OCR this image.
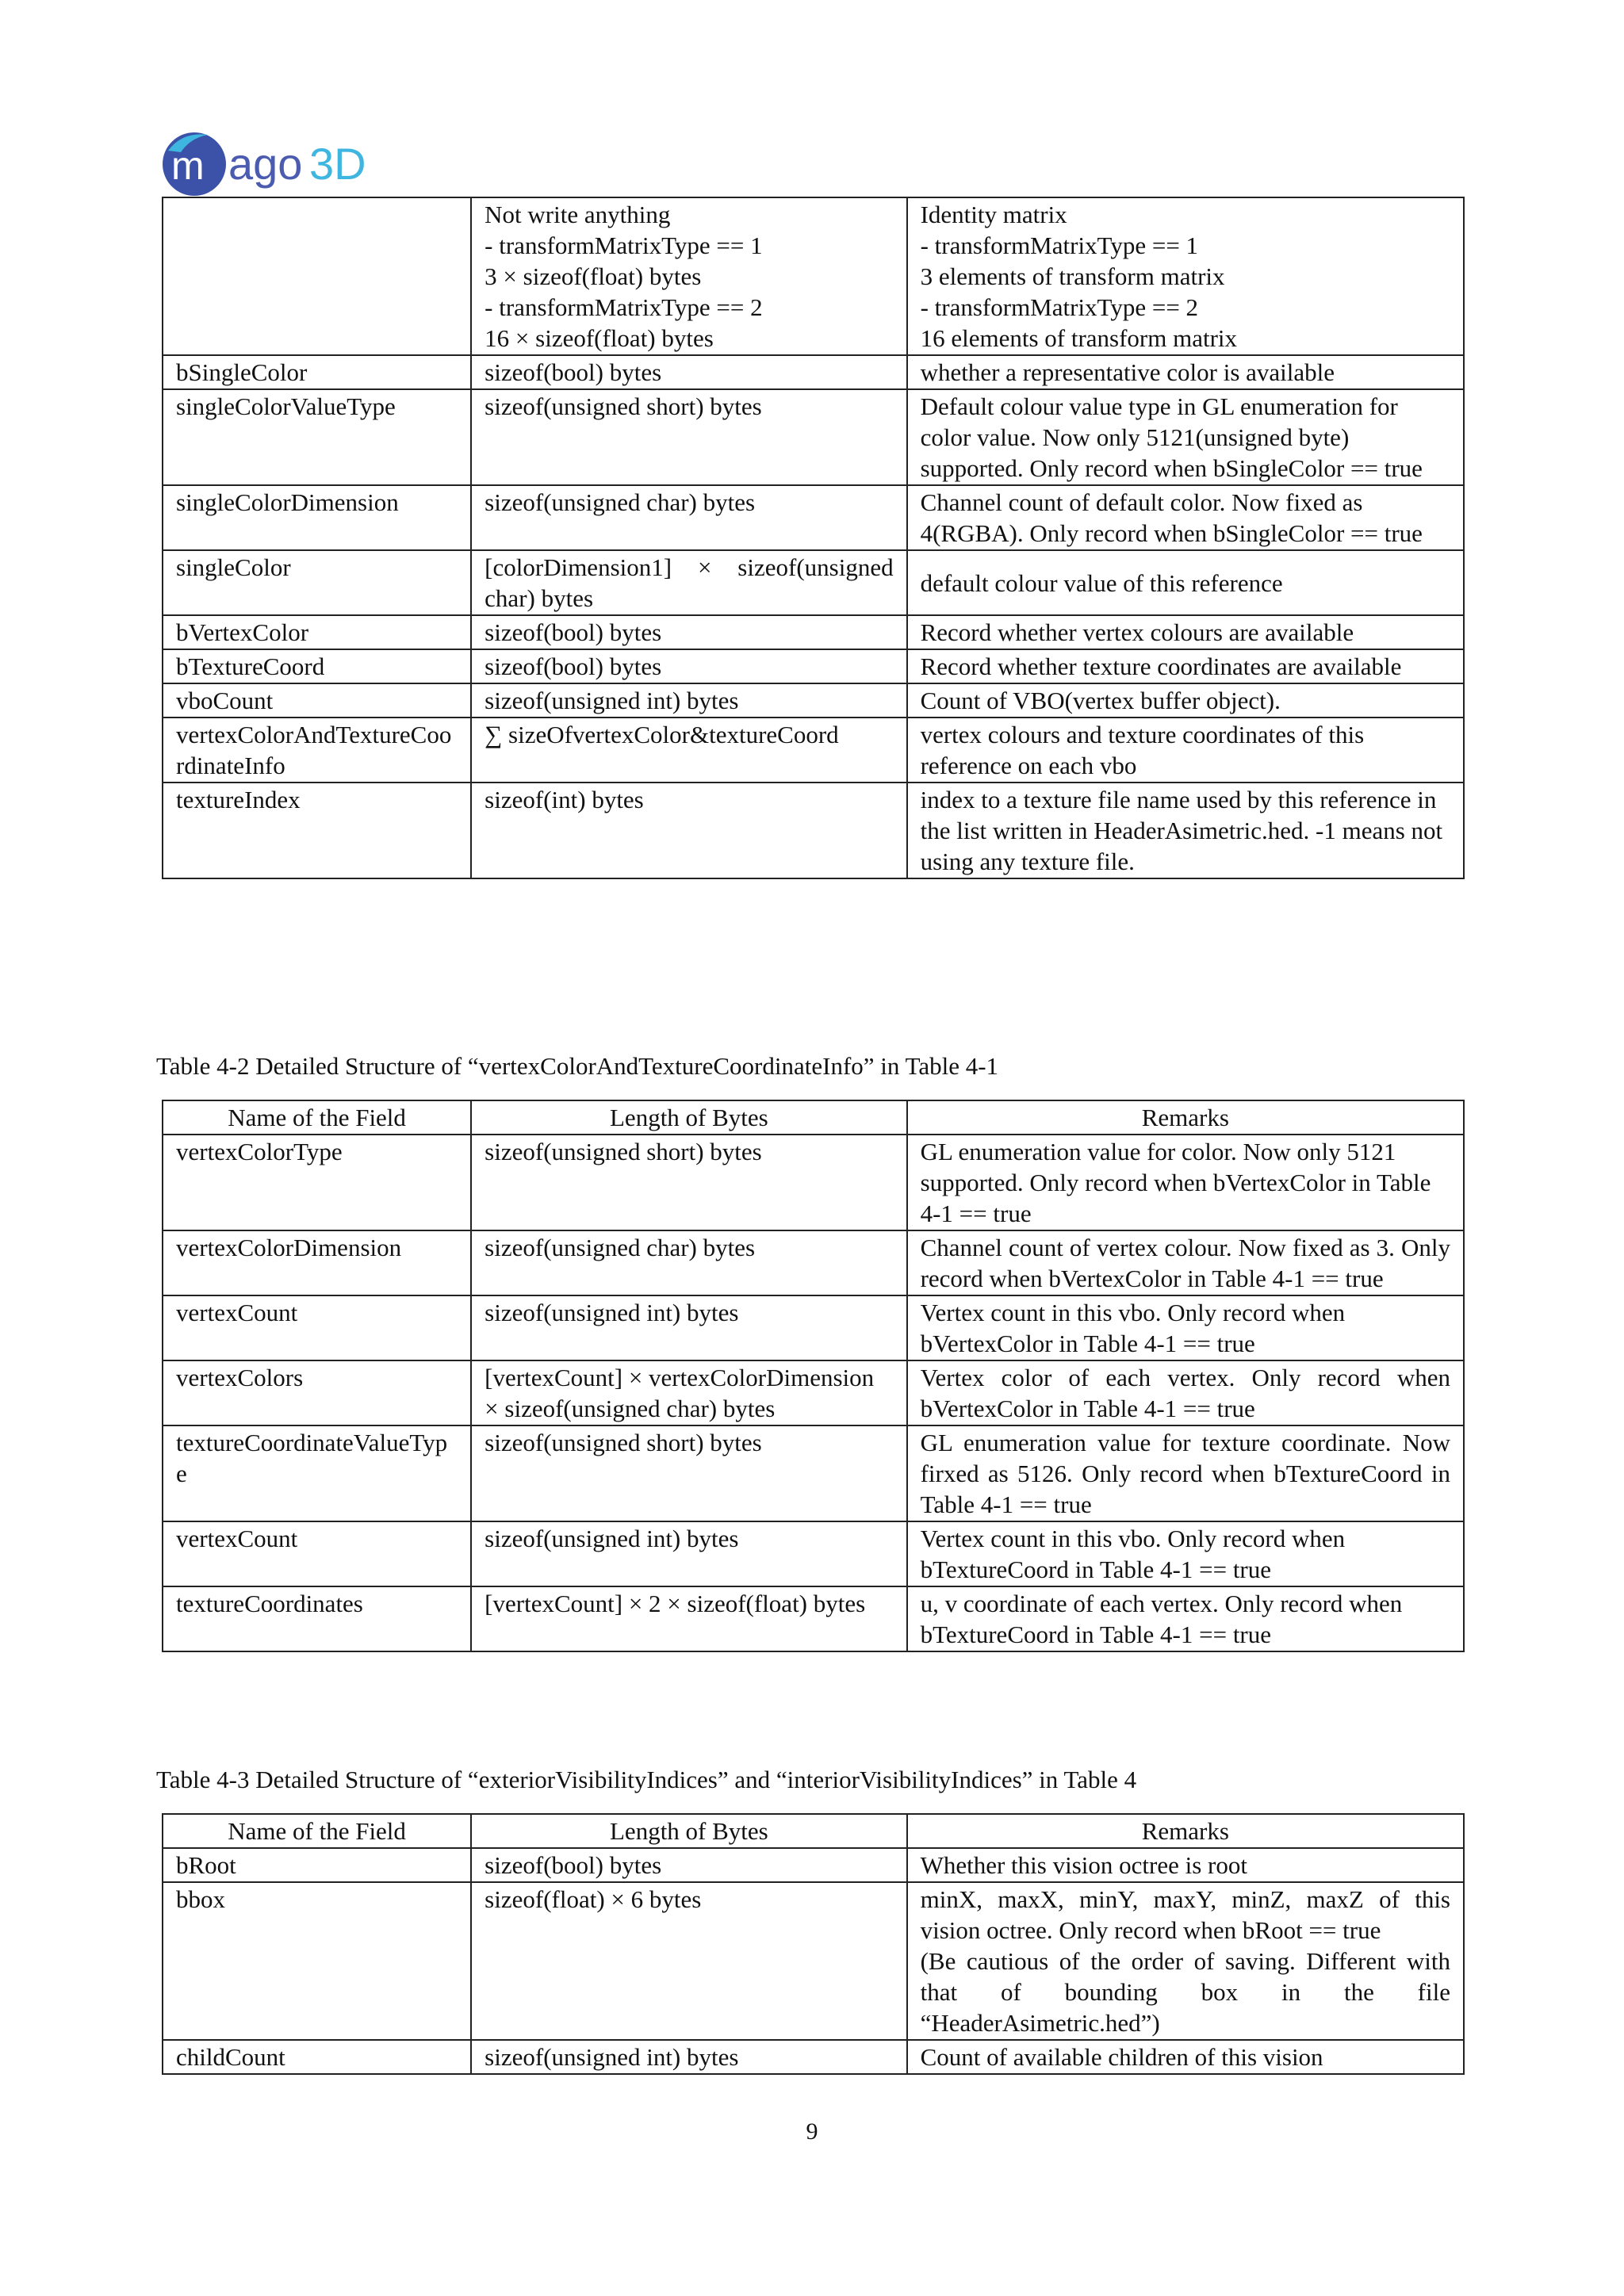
m ago 3D
	Not write anything
- transformMatrixType == 1
3 × sizeof(float) bytes
- transformMatrixType == 2
16 × sizeof(float) bytes	Identity matrix
- transformMatrixType == 1
3 elements of transform matrix
- transformMatrixType == 2
16 elements of transform matrix
bSingleColor	sizeof(bool) bytes	whether a representative color is available
singleColorValueType	sizeof(unsigned short) bytes	Default colour value type in GL enumeration for color value. Now only 5121(unsigned byte) supported. Only record when bSingleColor == true
singleColorDimension	sizeof(unsigned char) bytes	Channel count of default color. Now fixed as 4(RGBA). Only record when bSingleColor == true
singleColor	[colorDimension1] × sizeof(unsigned char) bytes	default colour value of this reference
bVertexColor	sizeof(bool) bytes	Record whether vertex colours are available
bTextureCoord	sizeof(bool) bytes	Record whether texture coordinates are available
vboCount	sizeof(unsigned int) bytes	Count of VBO(vertex buffer object).
vertexColorAndTextureCoordinateInfo	∑ sizeOfvertexColor&textureCoord	vertex colours and texture coordinates of this reference on each vbo
textureIndex	sizeof(int) bytes	index to a texture file name used by this reference in the list written in HeaderAsimetric.hed. -1 means not using any texture file.
Table 4-2 Detailed Structure of “vertexColorAndTextureCoordinateInfo” in Table 4-1
Name of the Field	Length of Bytes	Remarks
vertexColorType	sizeof(unsigned short) bytes	GL enumeration value for color. Now only 5121 supported. Only record when bVertexColor in Table 4-1 == true
vertexColorDimension	sizeof(unsigned char) bytes	Channel count of vertex colour. Now fixed as 3. Only record when bVertexColor in Table 4-1 == true
vertexCount	sizeof(unsigned int) bytes	Vertex count in this vbo. Only record when bVertexColor in Table 4-1 == true
vertexColors	[vertexCount] × vertexColorDimension × sizeof(unsigned char) bytes	Vertex color of each vertex. Only record when bVertexColor in Table 4-1 == true
textureCoordinateValueType	sizeof(unsigned short) bytes	GL enumeration value for texture coordinate. Now firxed as 5126. Only record when bTextureCoord in Table 4-1 == true
vertexCount	sizeof(unsigned int) bytes	Vertex count in this vbo. Only record when bTextureCoord in Table 4-1 == true
textureCoordinates	[vertexCount] × 2 × sizeof(float) bytes	u, v coordinate of each vertex. Only record when bTextureCoord in Table 4-1 == true
Table 4-3 Detailed Structure of “exteriorVisibilityIndices” and “interiorVisibilityIndices” in Table 4
Name of the Field	Length of Bytes	Remarks
bRoot	sizeof(bool) bytes	Whether this vision octree is root
bbox	sizeof(float) × 6 bytes	minX, maxX, minY, maxY, minZ, maxZ of this vision octree. Only record when bRoot == true
(Be cautious of the order of saving. Different with that of bounding box in the file “HeaderAsimetric.hed”)

childCount	sizeof(unsigned int) bytes	Count of available children of this vision
9
